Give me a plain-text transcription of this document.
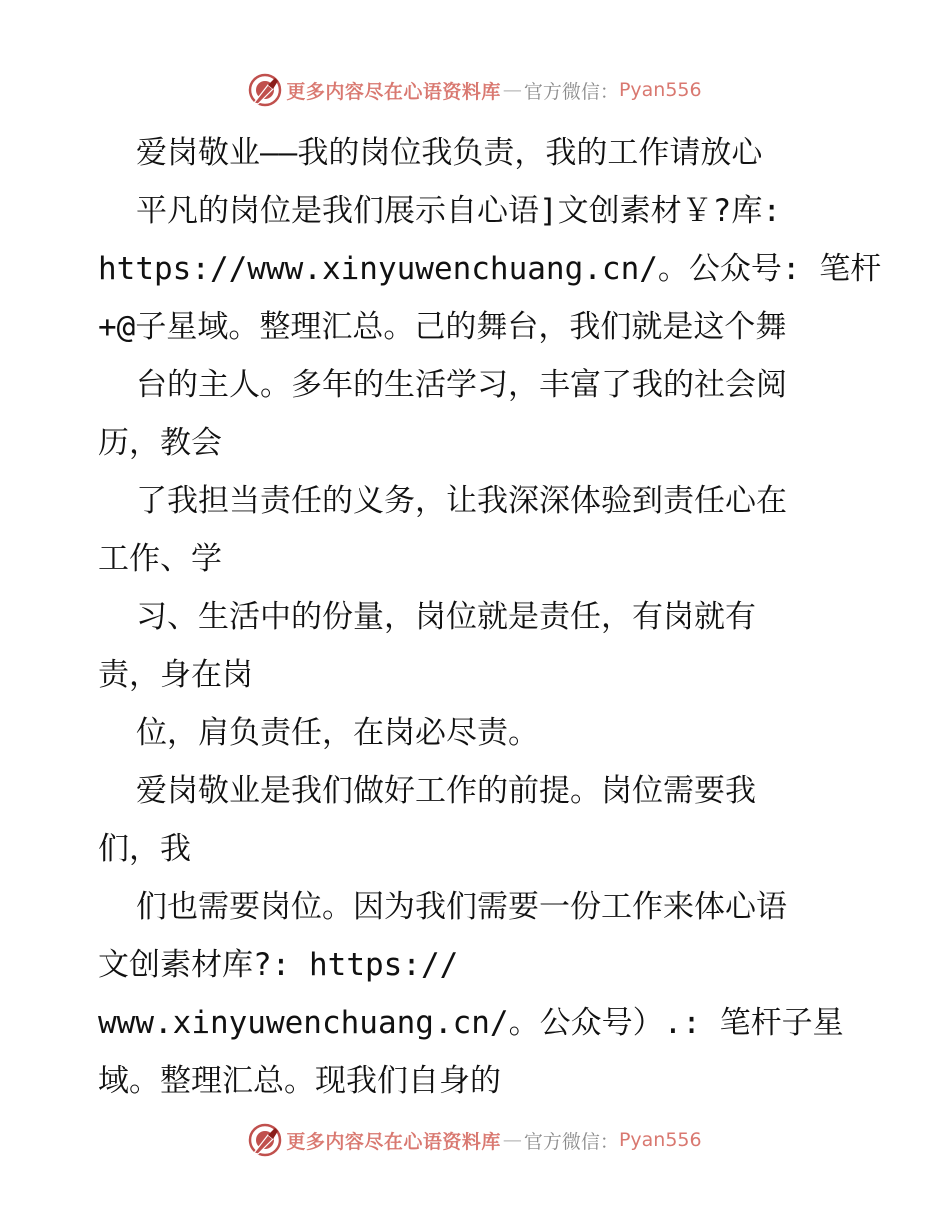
更多内容尽在心语资料库 — 官方微信： Pyan556
爱岗敬业——我的岗位我负责，我的工作请放心
平凡的岗位是我们展示自心语]文创素材￥?库:
https://www.xinyuwenchuang.cn/。公众号: 笔杆
+@子星域。整理汇总。己的舞台，我们就是这个舞
台的主人。多年的生活学习，丰富了我的社会阅
历，教会
了我担当责任的义务，让我深深体验到责任心在
工作、学
习、生活中的份量，岗位就是责任，有岗就有
责，身在岗
位，肩负责任，在岗必尽责。
爱岗敬业是我们做好工作的前提。岗位需要我
们，我
们也需要岗位。因为我们需要一份工作来体心语
文创素材库?: https://
www.xinyuwenchuang.cn/。公众号）.: 笔杆子星
域。整理汇总。现我们自身的
更多内容尽在心语资料库 — 官方微信： Pyan556
